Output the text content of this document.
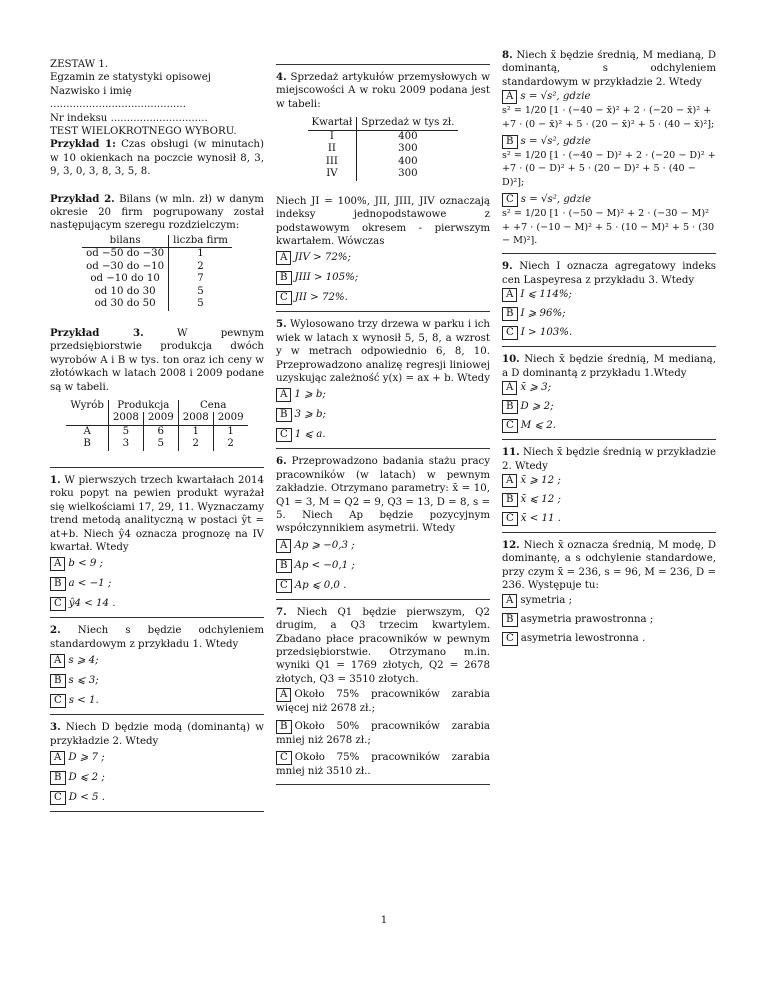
ZESTAW 1.

Egzamin ze statystyki opisowej

Nazwisko i imię

..........................................

Nr indeksu ..............................

TEST WIELOKROTNEGO WYBORU.

Przykład 1: Czas obsługi (w minutach) w 10 okienkach na poczcie wynosił 8, 3, 9, 3, 0, 3, 8, 3, 5, 8.

Przykład 2. Bilans (w mln. zł) w danym okresie 20 firm pogrupowany został następującym szeregu rozdzielczym:

bilans	liczba firm
od −50 do −30	1
od −30 do −10	2
od −10 do 10	7
od 10 do 30	5
od 30 do 50	5

Przykład 3.	W pewnym przedsiębiorstwie produkcja dwóch wyrobów A i B w tys. ton oraz ich ceny w złotówkach w latach 2008 i 2009 podane są w tabeli.

Wyrób	Produkcja		Cena	
	2008	2009	2008	2009
A	5	6	1	1
B	3	5	2	2

1. W pierwszych trzech kwartałach 2014 roku popyt na pewien produkt wyrażał się wielkościami 17, 29, 11. Wyznaczamy trend metodą analityczną w postaci ŷt = at+b. Niech ŷ4 oznacza prognozę na IV kwartał. Wtedy

A b < 9 ;
B a < −1 ;
C ŷ4 < 14 .

2. Niech s będzie odchyleniem standardowym z przykładu 1. Wtedy

A s ⩾ 4;
B s ⩽ 3;
C s < 1.

3. Niech D będzie modą (dominantą) w przykładzie 2. Wtedy

A D ⩾ 7 ;
B D ⩽ 2 ;
C D < 5 .

4. Sprzedaż artykułów przemysłowych w miejscowości A w roku 2009 podana jest w tabeli:

Kwartał	Sprzedaż w tys zł.
I	400
II	300
III	400
IV	300

Niech JI = 100%, JII, JIII, JIV oznaczają indeksy jednopodstawowe z podstawowym okresem - pierwszym kwartałem. Wówczas

A JIV > 72%;
B JIII > 105%;
C JII > 72%.

5. Wylosowano trzy drzewa w parku i ich wiek w latach x wynosił 5, 5, 8, a wzrost y w metrach odpowiednio 6, 8, 10. Przeprowadzono analizę regresji liniowej uzyskując zależność y(x) = ax + b. Wtedy

A 1 ⩾ b;
B 3 ⩾ b;
C 1 ⩽ a.

6. Przeprowadzono badania stażu pracy pracowników (w latach) w pewnym zakładzie. Otrzymano parametry: x̄ = 10, Q1 = 3, M = Q2 = 9, Q3 = 13, D = 8, s = 5. Niech Ap będzie pozycyjnym współczynnikiem asymetrii. Wtedy

A Ap ⩾ −0,3 ;
B Ap < −0,1 ;
C Ap ⩽ 0,0 .

7. Niech Q1 będzie pierwszym, Q2 drugim, a Q3 trzecim kwartylem. Zbadano płace pracowników w pewnym przedsiębiorstwie. Otrzymano m.in. wyniki Q1 = 1769 złotych, Q2 = 2678 złotych, Q3 = 3510 złotych.

A Około 75% pracowników zarabia więcej niż 2678 zł.;
B Około 50% pracowników zarabia mniej niż 2678 zł.;
C Około 75% pracowników zarabia mniej niż 3510 zł..

8. Niech x̄ będzie średnią, M medianą, D dominantą, s odchyleniem standardowym w przykładzie 2. Wtedy

A s = √s², gdzie
s² = 1/20 [1 · (−40 − x̄)² + 2 · (−20 − x̄)² + +7 · (0 − x̄)² + 5 · (20 − x̄)² + 5 · (40 − x̄)²];
B s = √s², gdzie
s² = 1/20 [1 · (−40 − D)² + 2 · (−20 − D)² + +7 · (0 − D)² + 5 · (20 − D)² + 5 · (40 − D)²];
C s = √s², gdzie
s² = 1/20 [1 · (−50 − M)² + 2 · (−30 − M)² + +7 · (−10 − M)² + 5 · (10 − M)² + 5 · (30 − M)²].

9. Niech I oznacza agregatowy indeks cen Laspeyresa z przykładu 3. Wtedy

A I ⩽ 114%;
B I ⩾ 96%;
C I > 103%.

10. Niech x̄ będzie średnią, M medianą, a D dominantą z przykładu 1.Wtedy

A x̄ ⩾ 3;
B D ⩾ 2;
C M ⩽ 2.

11. Niech x̄ będzie średnią w przykładzie 2. Wtedy

A x̄ ⩾ 12 ;
B x̄ ⩽ 12 ;
C x̄ < 11 .

12. Niech x̄ oznacza średnią, M modę, D dominantę, a s odchylenie standardowe, przy czym x̄ = 236, s = 96, M = 236, D = 236. Występuje tu:

A symetria ;
B asymetria prawostronna ;
C asymetria lewostronna .
1
